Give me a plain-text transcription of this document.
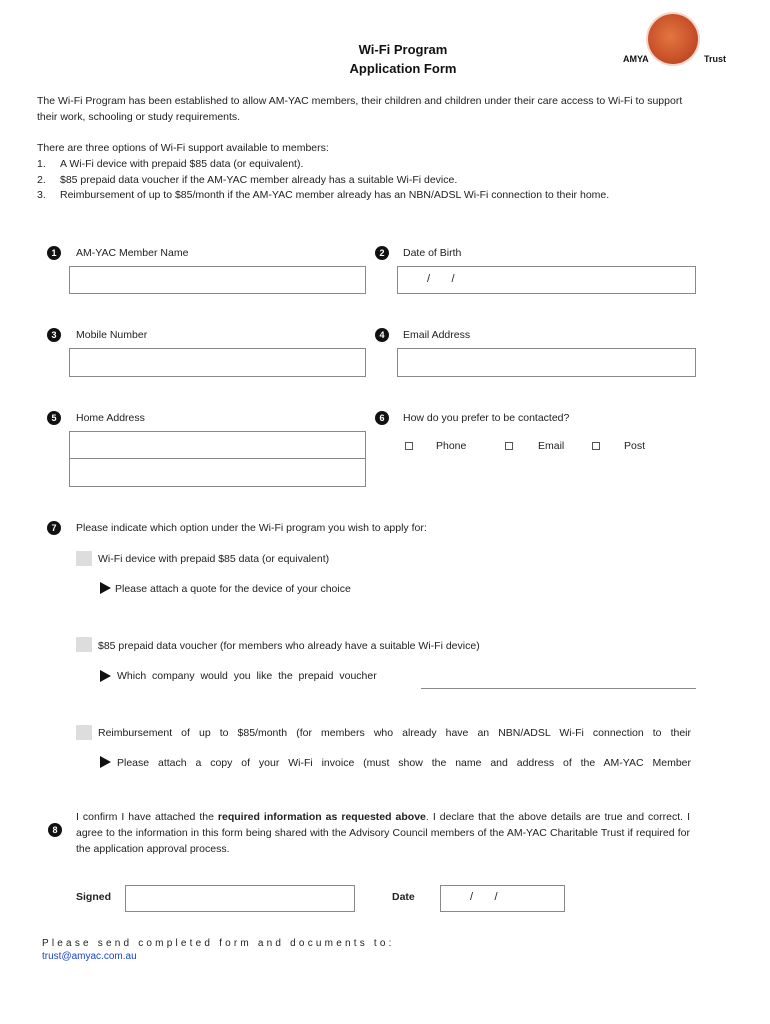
Wi-Fi Program
Application Form
AMYA	Trust
The Wi-Fi Program has been established to allow AM-YAC members, their children and children under their care access to Wi-Fi to support their work, schooling or study requirements.
There are three options of Wi-Fi support available to members:
1. A Wi-Fi device with prepaid $85 data (or equivalent).
2. $85 prepaid data voucher if the AM-YAC member already has a suitable Wi-Fi device.
3. Reimbursement of up to $85/month if the AM-YAC member already has an NBN/ADSL Wi-Fi connection to their home.
1	AM-YAC Member Name	2	Date of Birth
/       /
3	Mobile Number	4	Email Address
5	Home Address	6	How do you prefer to be contacted?
Phone	Email	Post
7	Please indicate which option under the Wi-Fi program you wish to apply for:
Wi-Fi device with prepaid $85 data (or equivalent)
Please attach a quote for the device of your choice
$85 prepaid data voucher (for members who already have a suitable Wi-Fi device)
Which  company  would  you  like  the  prepaid  voucher
Reimbursement of up to $85/month (for members who already have an NBN/ADSL Wi-Fi connection to their
Please attach a copy of your Wi-Fi invoice (must show the name and address of the AM-YAC Member
8
I confirm I have attached the required information as requested above. I declare that the above details are true and correct. I agree to the information in this form being shared with the Advisory Council members of the AM-YAC Charitable Trust if required for the application approval process.
Signed	Date	/       /
Please send completed form and documents to:
trust@amyac.com.au
